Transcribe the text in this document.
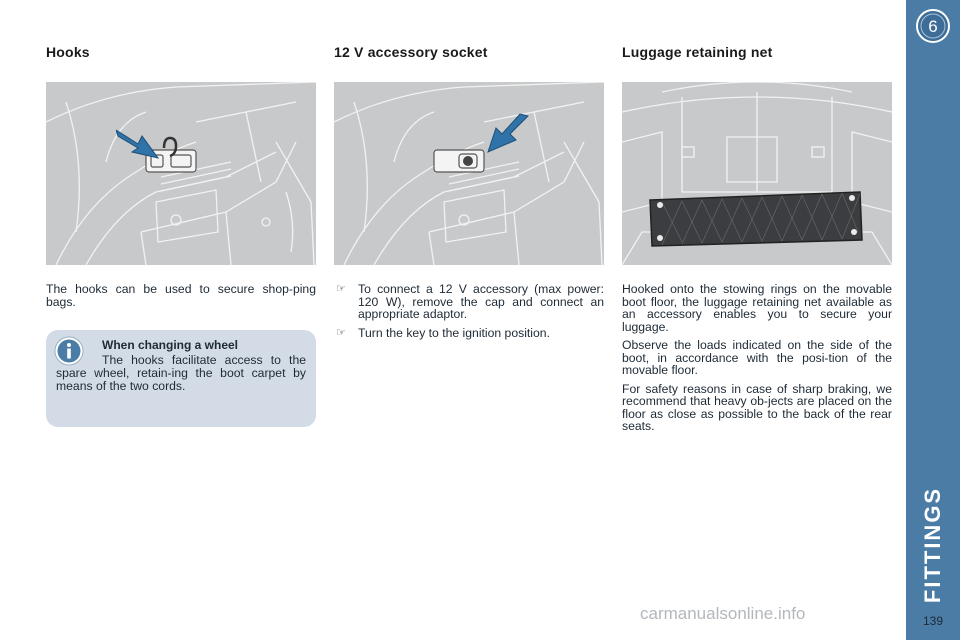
Hooks	12 V accessory socket	Luggage retaining net
The hooks can be used to secure shop-ping bags.
When changing a wheel
The hooks facilitate access to the spare wheel, retain-ing the boot carpet by means of the two cords.
☞ To connect a 12 V accessory (max power: 120 W), remove the cap and connect an appropriate adaptor.
☞ Turn the key to the ignition position.

Hooked onto the stowing rings on the movable boot floor, the luggage retaining net available as an accessory enables you to secure your luggage.

Observe the loads indicated on the side of the boot, in accordance with the posi-tion of the movable floor.

For safety reasons in case of sharp braking, we recommend that heavy ob-jects are placed on the floor as close as possible to the back of the rear seats.

6
FITTINGS
139
carmanualsonline.info
